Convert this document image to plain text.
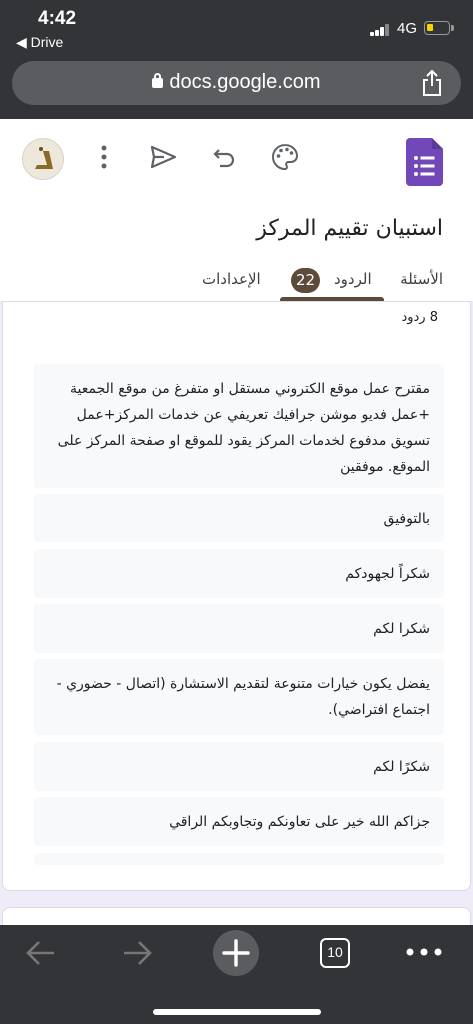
4:42
◀ Drive
4G
docs.google.com
استبيان تقييم المركز
الأسئلة
الردود
22
الإعدادات
8 ردود
مقترح عمل موقع الكتروني مستقل او متفرغ من موقع الجمعية +عمل فديو موشن جرافيك تعريفي عن خدمات المركز+عمل تسويق مدفوع لخدمات المركز يقود للموقع او صفحة المركز على الموقع. موفقين
بالتوفيق
شكراً لجهودكم
شكرا لكم
يفضل يكون خيارات متنوعة لتقديم الاستشارة (اتصال - حضوري - اجتماع افتراضي).
شكرًا لكم
جزاكم الله خير على تعاونكم وتجاوبكم الراقي
10
